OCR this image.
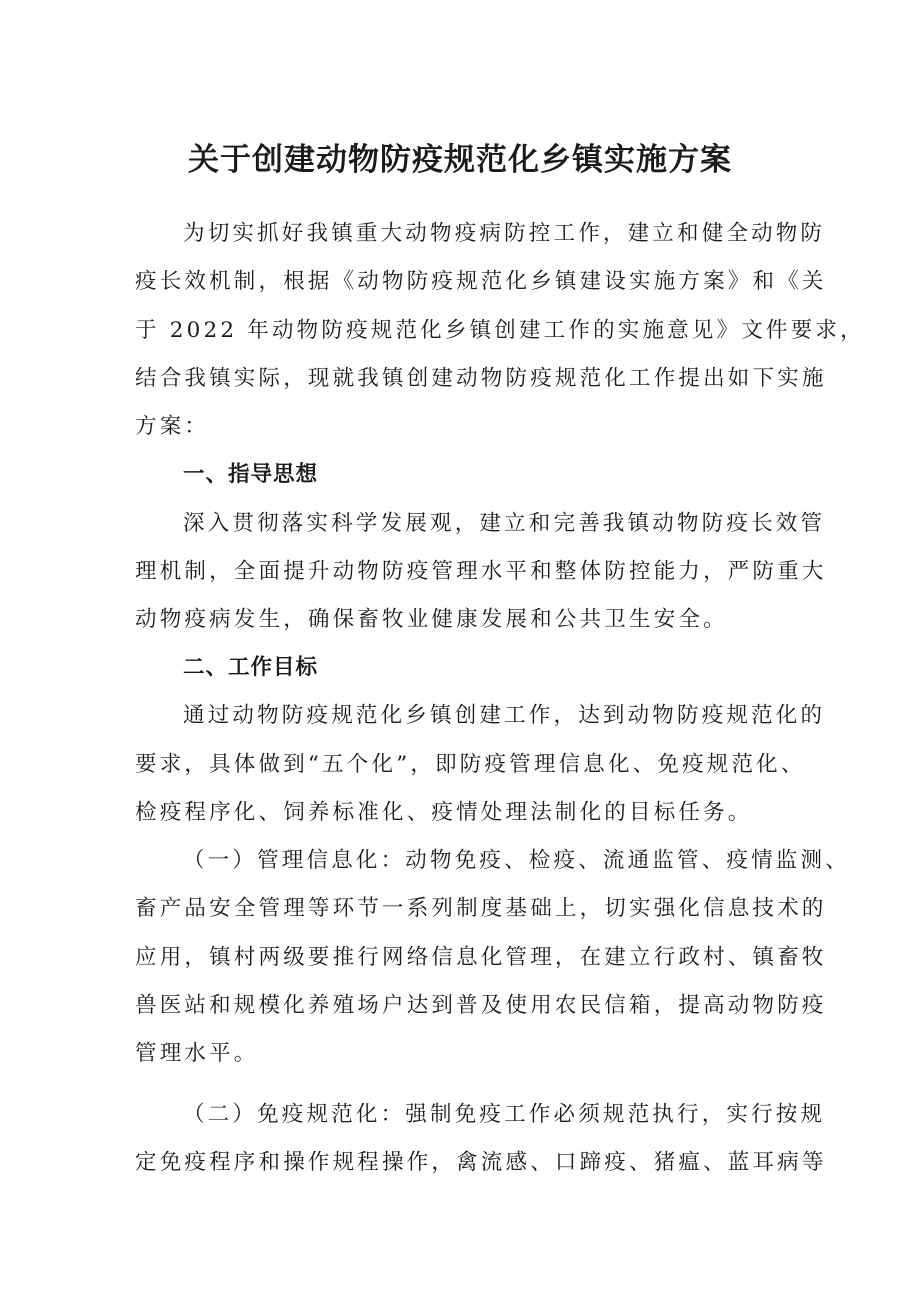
关于创建动物防疫规范化乡镇实施方案

为切实抓好我镇重大动物疫病防控工作，建立和健全动物防

疫长效机制，根据《动物防疫规范化乡镇建设实施方案》和《关

于 2022 年动物防疫规范化乡镇创建工作的实施意见》文件要求，

结合我镇实际，现就我镇创建动物防疫规范化工作提出如下实施

方案：

一、指导思想

深入贯彻落实科学发展观，建立和完善我镇动物防疫长效管

理机制，全面提升动物防疫管理水平和整体防控能力，严防重大

动物疫病发生，确保畜牧业健康发展和公共卫生安全。

二、工作目标

通过动物防疫规范化乡镇创建工作，达到动物防疫规范化的

要求，具体做到“五个化”，即防疫管理信息化、免疫规范化、

检疫程序化、饲养标准化、疫情处理法制化的目标任务。

（一）管理信息化：动物免疫、检疫、流通监管、疫情监测、

畜产品安全管理等环节一系列制度基础上，切实强化信息技术的

应用，镇村两级要推行网络信息化管理，在建立行政村、镇畜牧

兽医站和规模化养殖场户达到普及使用农民信箱，提高动物防疫

管理水平。

（二）免疫规范化：强制免疫工作必须规范执行，实行按规

定免疫程序和操作规程操作，禽流感、口蹄疫、猪瘟、蓝耳病等
